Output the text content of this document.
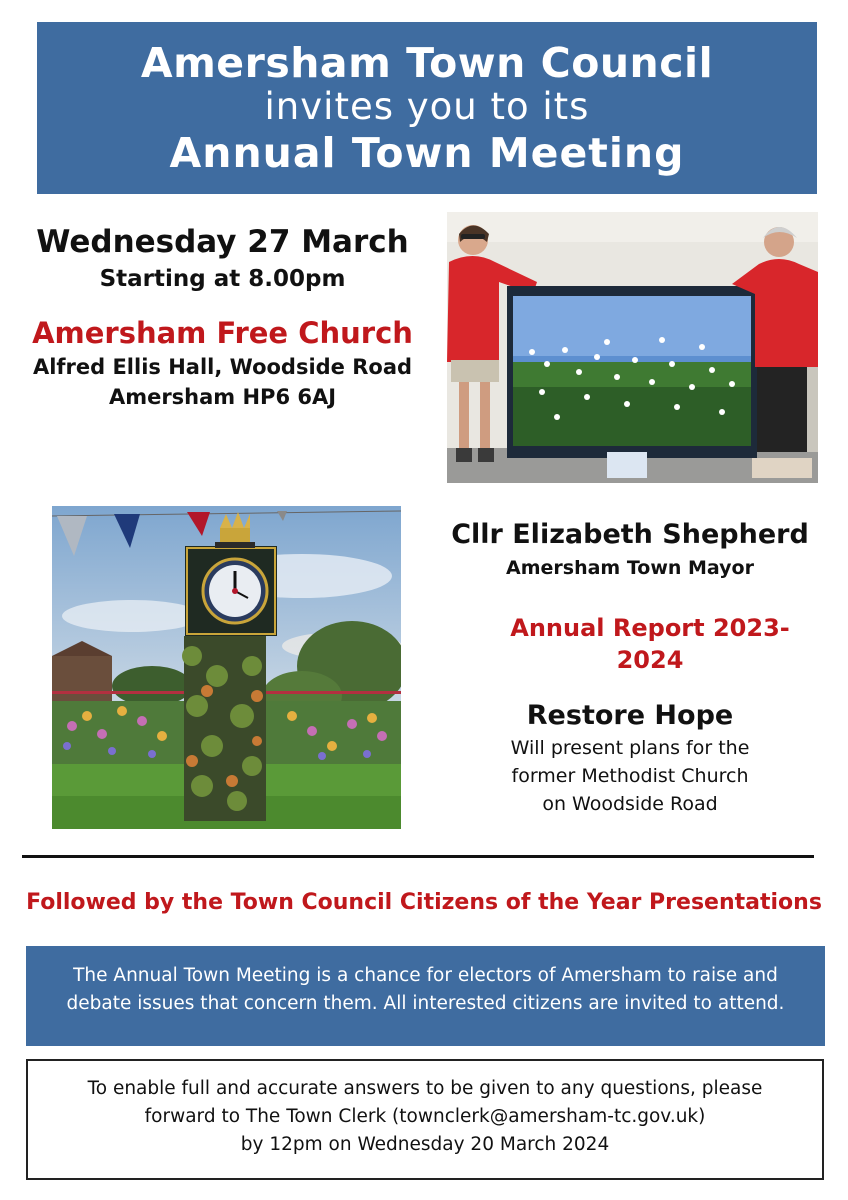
Amersham Town Council
invites you to its
Annual Town Meeting
Wednesday 27 March
Starting at 8.00pm
Amersham Free Church
Alfred Ellis Hall, Woodside Road
Amersham HP6 6AJ
Cllr Elizabeth Shepherd
Amersham Town Mayor
Annual Report 2023-2024
Restore Hope
Will present plans for the
former Methodist Church
on Woodside Road
Followed by the Town Council Citizens of the Year Presentations
The Annual Town Meeting is a chance for electors of Amersham to raise and
debate issues that concern them. All interested citizens are invited to attend.
To enable full and accurate answers to be given to any questions, please
forward to The Town Clerk (townclerk@amersham-tc.gov.uk)
by 12pm on Wednesday 20 March 2024
